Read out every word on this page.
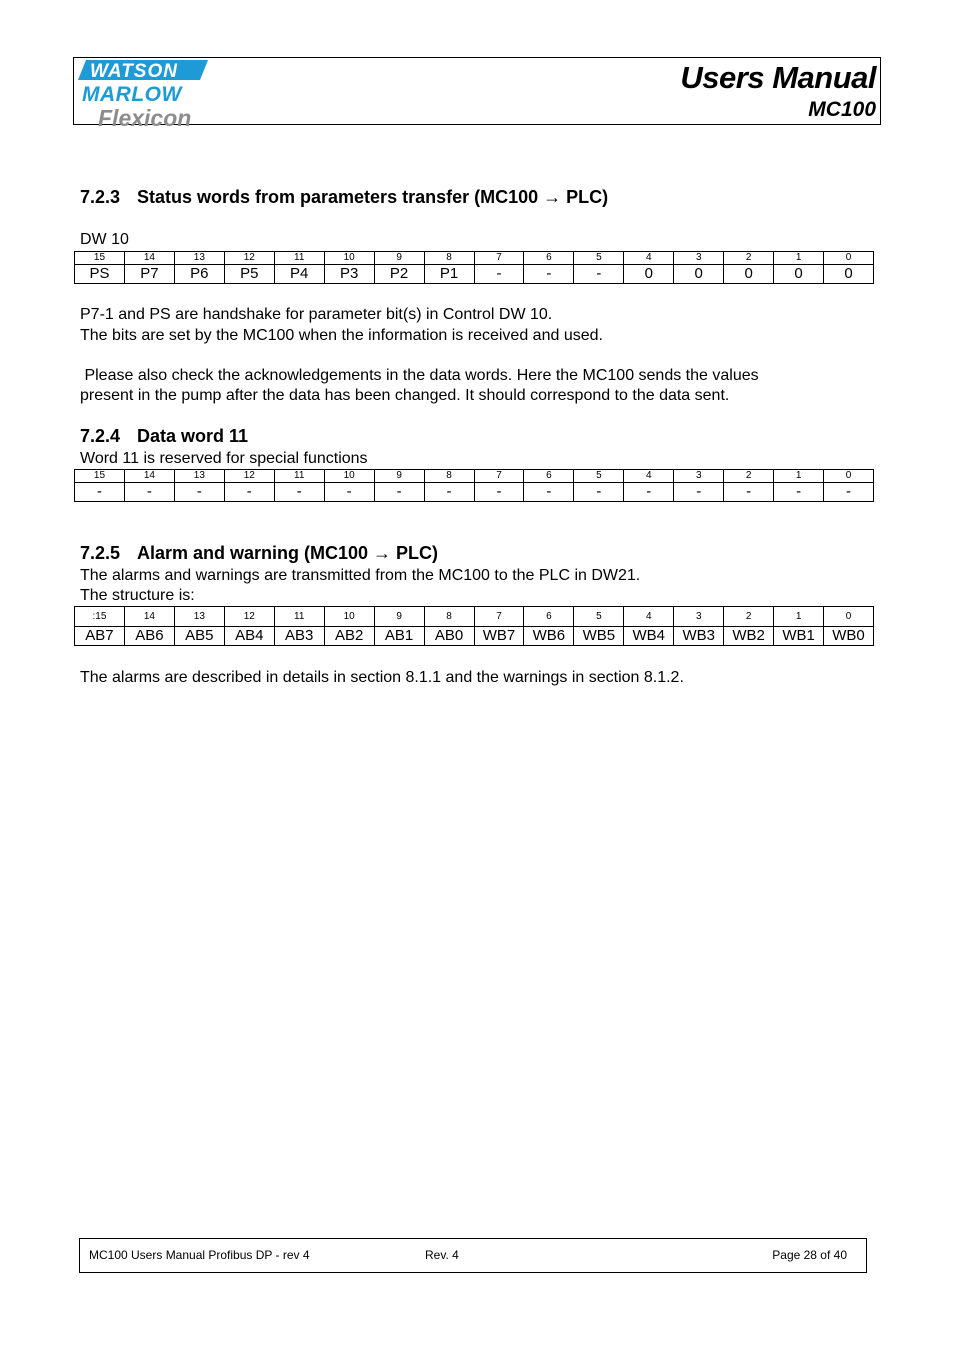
WATSON
MARLOW
Flexicon
Users Manual
MC100
7.2.3 Status words from parameters transfer (MC100 → PLC)
DW 10
15	14	13	12	11	10	9	8	7	6	5	4	3	2	1	0
PS	P7	P6	P5	P4	P3	P2	P1	-	-	-	0	0	0	0	0
P7-1 and PS are handshake for parameter bit(s) in Control DW 10.
The bits are set by the MC100 when the information is received and used.
Please also check the acknowledgements in the data words. Here the MC100 sends the values
present in the pump after the data has been changed. It should correspond to the data sent.
7.2.4 Data word 11
Word 11 is reserved for special functions
15	14	13	12	11	10	9	8	7	6	5	4	3	2	1	0
-	-	-	-	-	-	-	-	-	-	-	-	-	-	-	-
7.2.5 Alarm and warning (MC100 → PLC)
The alarms and warnings are transmitted from the MC100 to the PLC in DW21.
The structure is:
:15	14	13	12	11	10	9	8	7	6	5	4	3	2	1	0
AB7	AB6	AB5	AB4	AB3	AB2	AB1	AB0	WB7	WB6	WB5	WB4	WB3	WB2	WB1	WB0
The alarms are described in details in section 8.1.1 and the warnings in section 8.1.2.
MC100 Users Manual Profibus DP - rev 4	Rev. 4	Page 28 of 40
